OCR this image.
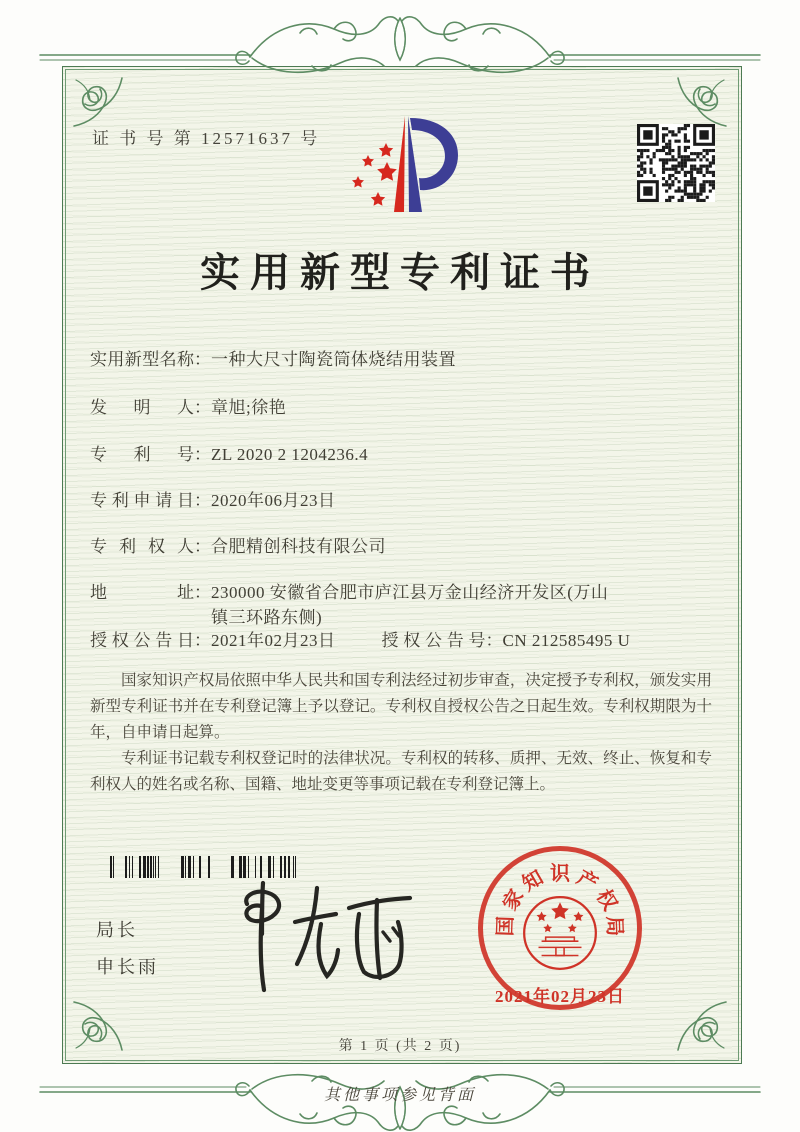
证 书 号 第 12571637 号
实用新型专利证书
实用新型名称 ： 一种大尺寸陶瓷筒体烧结用装置
发明人 ： 章旭;徐艳
专利号 ： ZL 2020 2 1204236.4
专利申请日 ： 2020年06月23日
专利权人 ： 合肥精创科技有限公司
地址 ： 230000 安徽省合肥市庐江县万金山经济开发区(万山镇三环路东侧)
授权公告日 ： 2021年02月23日	授权公告号 ： CN 212585495 U

国家知识产权局依照中华人民共和国专利法经过初步审查，决定授予专利权，颁发实用新型专利证书并在专利登记簿上予以登记。专利权自授权公告之日起生效。专利权期限为十年，自申请日起算。

专利证书记载专利权登记时的法律状况。专利权的转移、质押、无效、终止、恢复和专利权人的姓名或名称、国籍、地址变更等事项记载在专利登记簿上。

局长
申长雨
国
家
知 识 产
权
局
2021年02月23日
第 1 页 (共 2 页)
其他事项参见背面
